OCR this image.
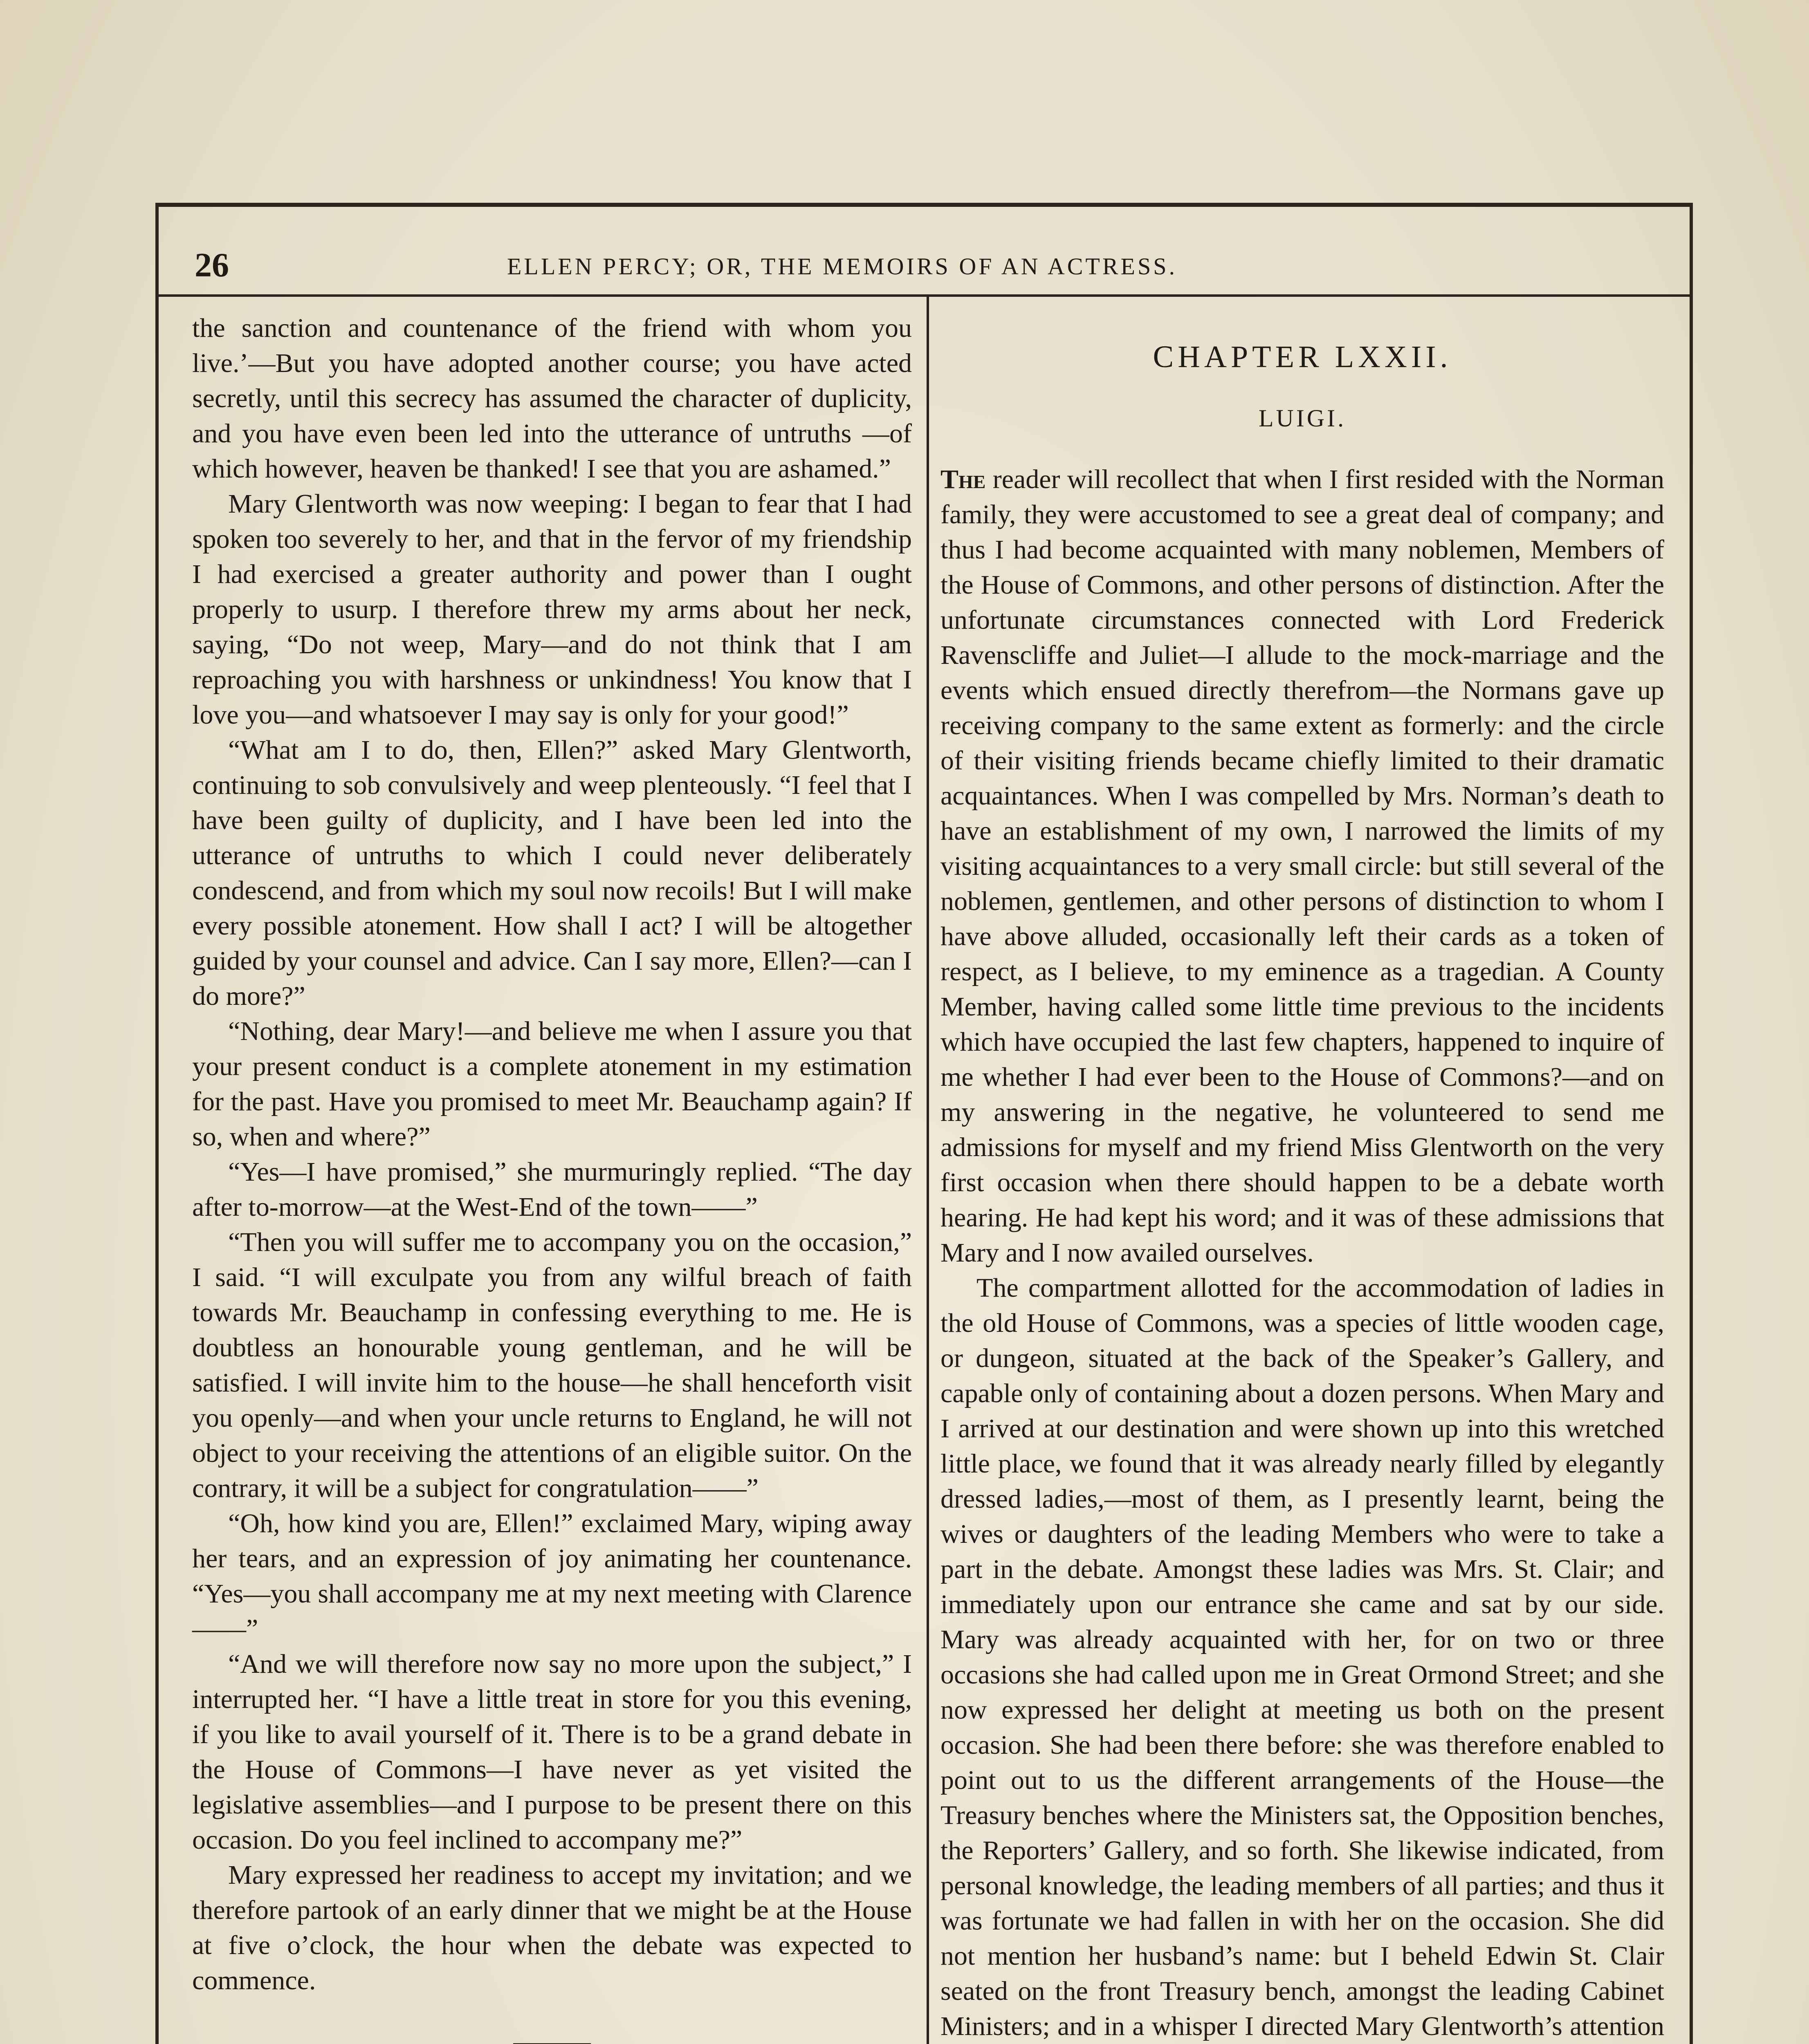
26	ELLEN PERCY; OR, THE MEMOIRS OF AN ACTRESS.

the sanction and countenance of the friend with whom you live.’—But you have adopted another course; you have acted secretly, until this secrecy has assumed the character of duplicity, and you have even been led into the utterance of untruths —of which however, heaven be thanked! I see that you are ashamed.”

Mary Glentworth was now weeping: I began to fear that I had spoken too severely to her, and that in the fervor of my friendship I had exercised a greater authority and power than I ought properly to usurp. I therefore threw my arms about her neck, saying, “Do not weep, Mary—and do not think that I am reproaching you with harshness or unkindness! You know that I love you—and whatsoever I may say is only for your good!”

“What am I to do, then, Ellen?” asked Mary Glentworth, continuing to sob convulsively and weep plenteously. “I feel that I have been guilty of duplicity, and I have been led into the utterance of untruths to which I could never deliberately condescend, and from which my soul now recoils! But I will make every possible atonement. How shall I act? I will be altogether guided by your counsel and advice. Can I say more, Ellen?—can I do more?”

“Nothing, dear Mary!—and believe me when I assure you that your present conduct is a complete atonement in my estimation for the past. Have you promised to meet Mr. Beauchamp again? If so, when and where?”

“Yes—I have promised,” she murmuringly replied. “The day after to-morrow—at the West-End of the town——”

“Then you will suffer me to accompany you on the occasion,” I said. “I will exculpate you from any wilful breach of faith towards Mr. Beauchamp in confessing everything to me. He is doubtless an honourable young gentleman, and he will be satisfied. I will invite him to the house—he shall henceforth visit you openly—and when your uncle returns to England, he will not object to your receiving the attentions of an eligible suitor. On the contrary, it will be a subject for congratulation——”

“Oh, how kind you are, Ellen!” exclaimed Mary, wiping away her tears, and an expression of joy animating her countenance. “Yes—you shall accompany me at my next meeting with Clarence——”

“And we will therefore now say no more upon the subject,” I interrupted her. “I have a little treat in store for you this evening, if you like to avail yourself of it. There is to be a grand debate in the House of Commons—I have never as yet visited the legislative assemblies—and I purpose to be present there on this occasion. Do you feel inclined to accompany me?”

Mary expressed her readiness to accept my invitation; and we therefore partook of an early dinner that we might be at the House at five o’clock, the hour when the debate was expected to commence.

CHAPTER LXXII.
LUIGI.

The reader will recollect that when I first resided with the Norman family, they were accustomed to see a great deal of company; and thus I had become acquainted with many noblemen, Members of the House of Commons, and other persons of distinction. After the unfortunate circumstances connected with Lord Frederick Ravenscliffe and Juliet—I allude to the mock-marriage and the events which ensued directly therefrom—the Normans gave up receiving company to the same extent as formerly: and the circle of their visiting friends became chiefly limited to their dramatic acquaintances. When I was compelled by Mrs. Norman’s death to have an establishment of my own, I narrowed the limits of my visiting acquaintances to a very small circle: but still several of the noblemen, gentlemen, and other persons of distinction to whom I have above alluded, occasionally left their cards as a token of respect, as I believe, to my eminence as a tragedian. A County Member, having called some little time previous to the incidents which have occupied the last few chapters, happened to inquire of me whether I had ever been to the House of Commons?—and on my answering in the negative, he volunteered to send me admissions for myself and my friend Miss Glentworth on the very first occasion when there should happen to be a debate worth hearing. He had kept his word; and it was of these admissions that Mary and I now availed ourselves.

The compartment allotted for the accommodation of ladies in the old House of Commons, was a species of little wooden cage, or dungeon, situated at the back of the Speaker’s Gallery, and capable only of containing about a dozen persons. When Mary and I arrived at our destination and were shown up into this wretched little place, we found that it was already nearly filled by elegantly dressed ladies,—most of them, as I presently learnt, being the wives or daughters of the leading Members who were to take a part in the debate. Amongst these ladies was Mrs. St. Clair; and immediately upon our entrance she came and sat by our side. Mary was already acquainted with her, for on two or three occasions she had called upon me in Great Ormond Street; and she now expressed her delight at meeting us both on the present occasion. She had been there before: she was therefore enabled to point out to us the different arrangements of the House—the Treasury benches where the Ministers sat, the Opposition benches, the Reporters’ Gallery, and so forth. She likewise indicated, from personal knowledge, the leading members of all parties; and thus it was fortunate we had fallen in with her on the occasion. She did not mention her husband’s name: but I beheld Edwin St. Clair seated on the front Treasury bench, amongst the leading Cabinet Ministers; and in a whisper I directed Mary Glentworth’s attention
